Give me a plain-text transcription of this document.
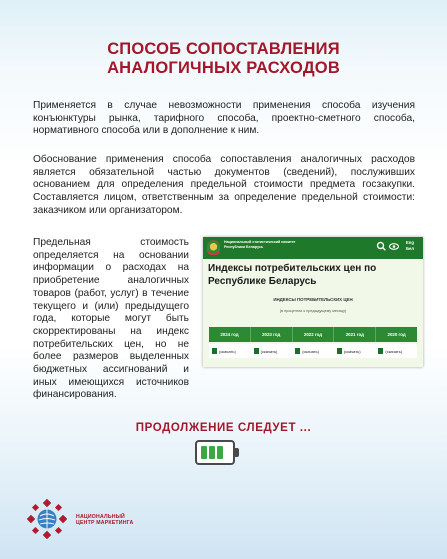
СПОСОБ СОПОСТАВЛЕНИЯ
АНАЛОГИЧНЫХ РАСХОДОВ
Применяется в случае невозможности применения способа изучения конъюнктуры рынка, тарифного способа, проектно-сметного способа, нормативного способа или в дополнение к ним.
Обоснование применения способа сопоставления аналогичных расходов является обязательной частью документов (сведений), послуживших основанием для определения предельной стоимости предмета госзакупки. Составляется лицом, ответственным за определение предельной стоимости: заказчиком или организатором.
Предельная стоимость определяется на основании информации о расходах на приобретение аналогичных товаров (работ, услуг) в течение текущего и (или) предыдущего года, которые могут быть скорректированы на индекс потребительских цен, но не более размеров выделенных бюджетных ассигнований и иных имеющихся источников финансирования.
Национальный статистический комитет Республики Беларусь
Eng
Бел
Индексы потребительских цен по Республике Беларусь
ИНДЕКСЫ ПОТРЕБИТЕЛЬСКИХ ЦЕН
(в процентах к предыдущему месяцу)
2024 год	2023 год	2022 год	2021 год	2020 год
(скачать)	(скачать)	(скачать)	(скачать)	(скачать)
ПРОДОЛЖЕНИЕ СЛЕДУЕТ ...
НАЦИОНАЛЬНЫЙ
ЦЕНТР МАРКЕТИНГА
